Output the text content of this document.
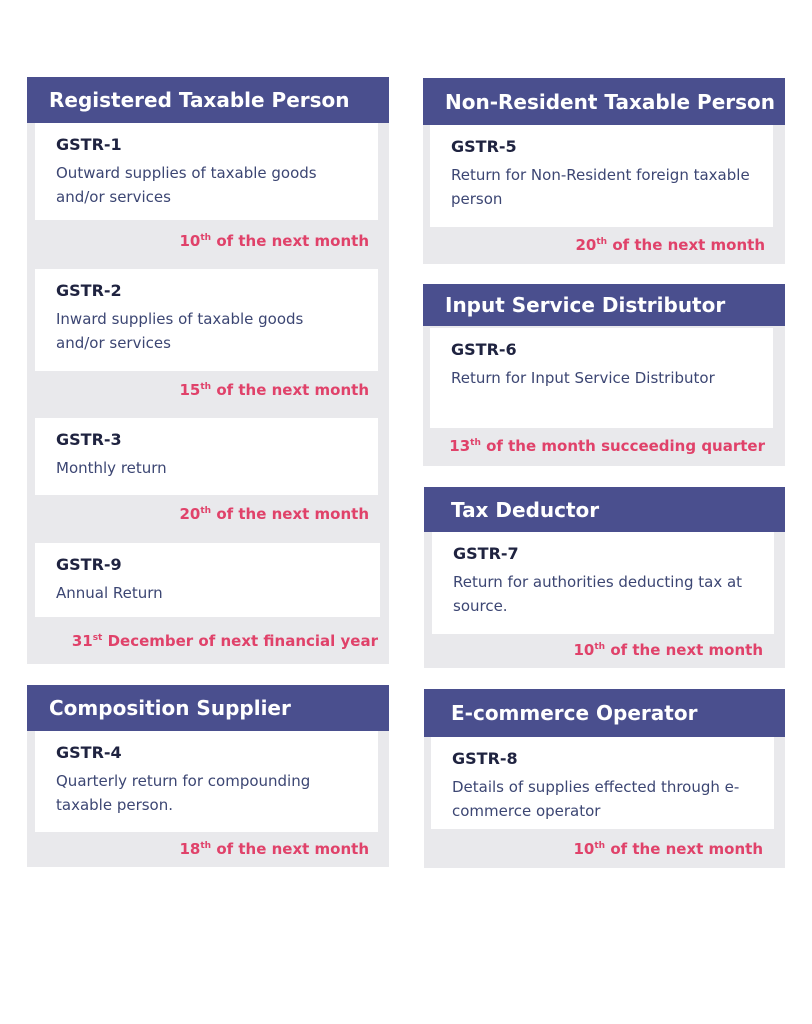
Registered Taxable Person
GSTR-1
Outward supplies of taxable goods and/or services
10th of the next month
GSTR-2
Inward supplies of taxable goods and/or services
15th of the next month
GSTR-3
Monthly return
20th of the next month
GSTR-9
Annual Return
31st December of next financial year
Composition Supplier
GSTR-4
Quarterly return for compounding taxable person.
18th of the next month
Non-Resident Taxable Person
GSTR-5
Return for Non-Resident foreign taxable person
20th of the next month
Input Service Distributor
GSTR-6
Return for Input Service Distributor
13th of the month succeeding quarter
Tax Deductor
GSTR-7
Return for authorities deducting tax at source.
10th of the next month
E-commerce Operator
GSTR-8
Details of supplies effected through e-commerce operator
10th of the next month
